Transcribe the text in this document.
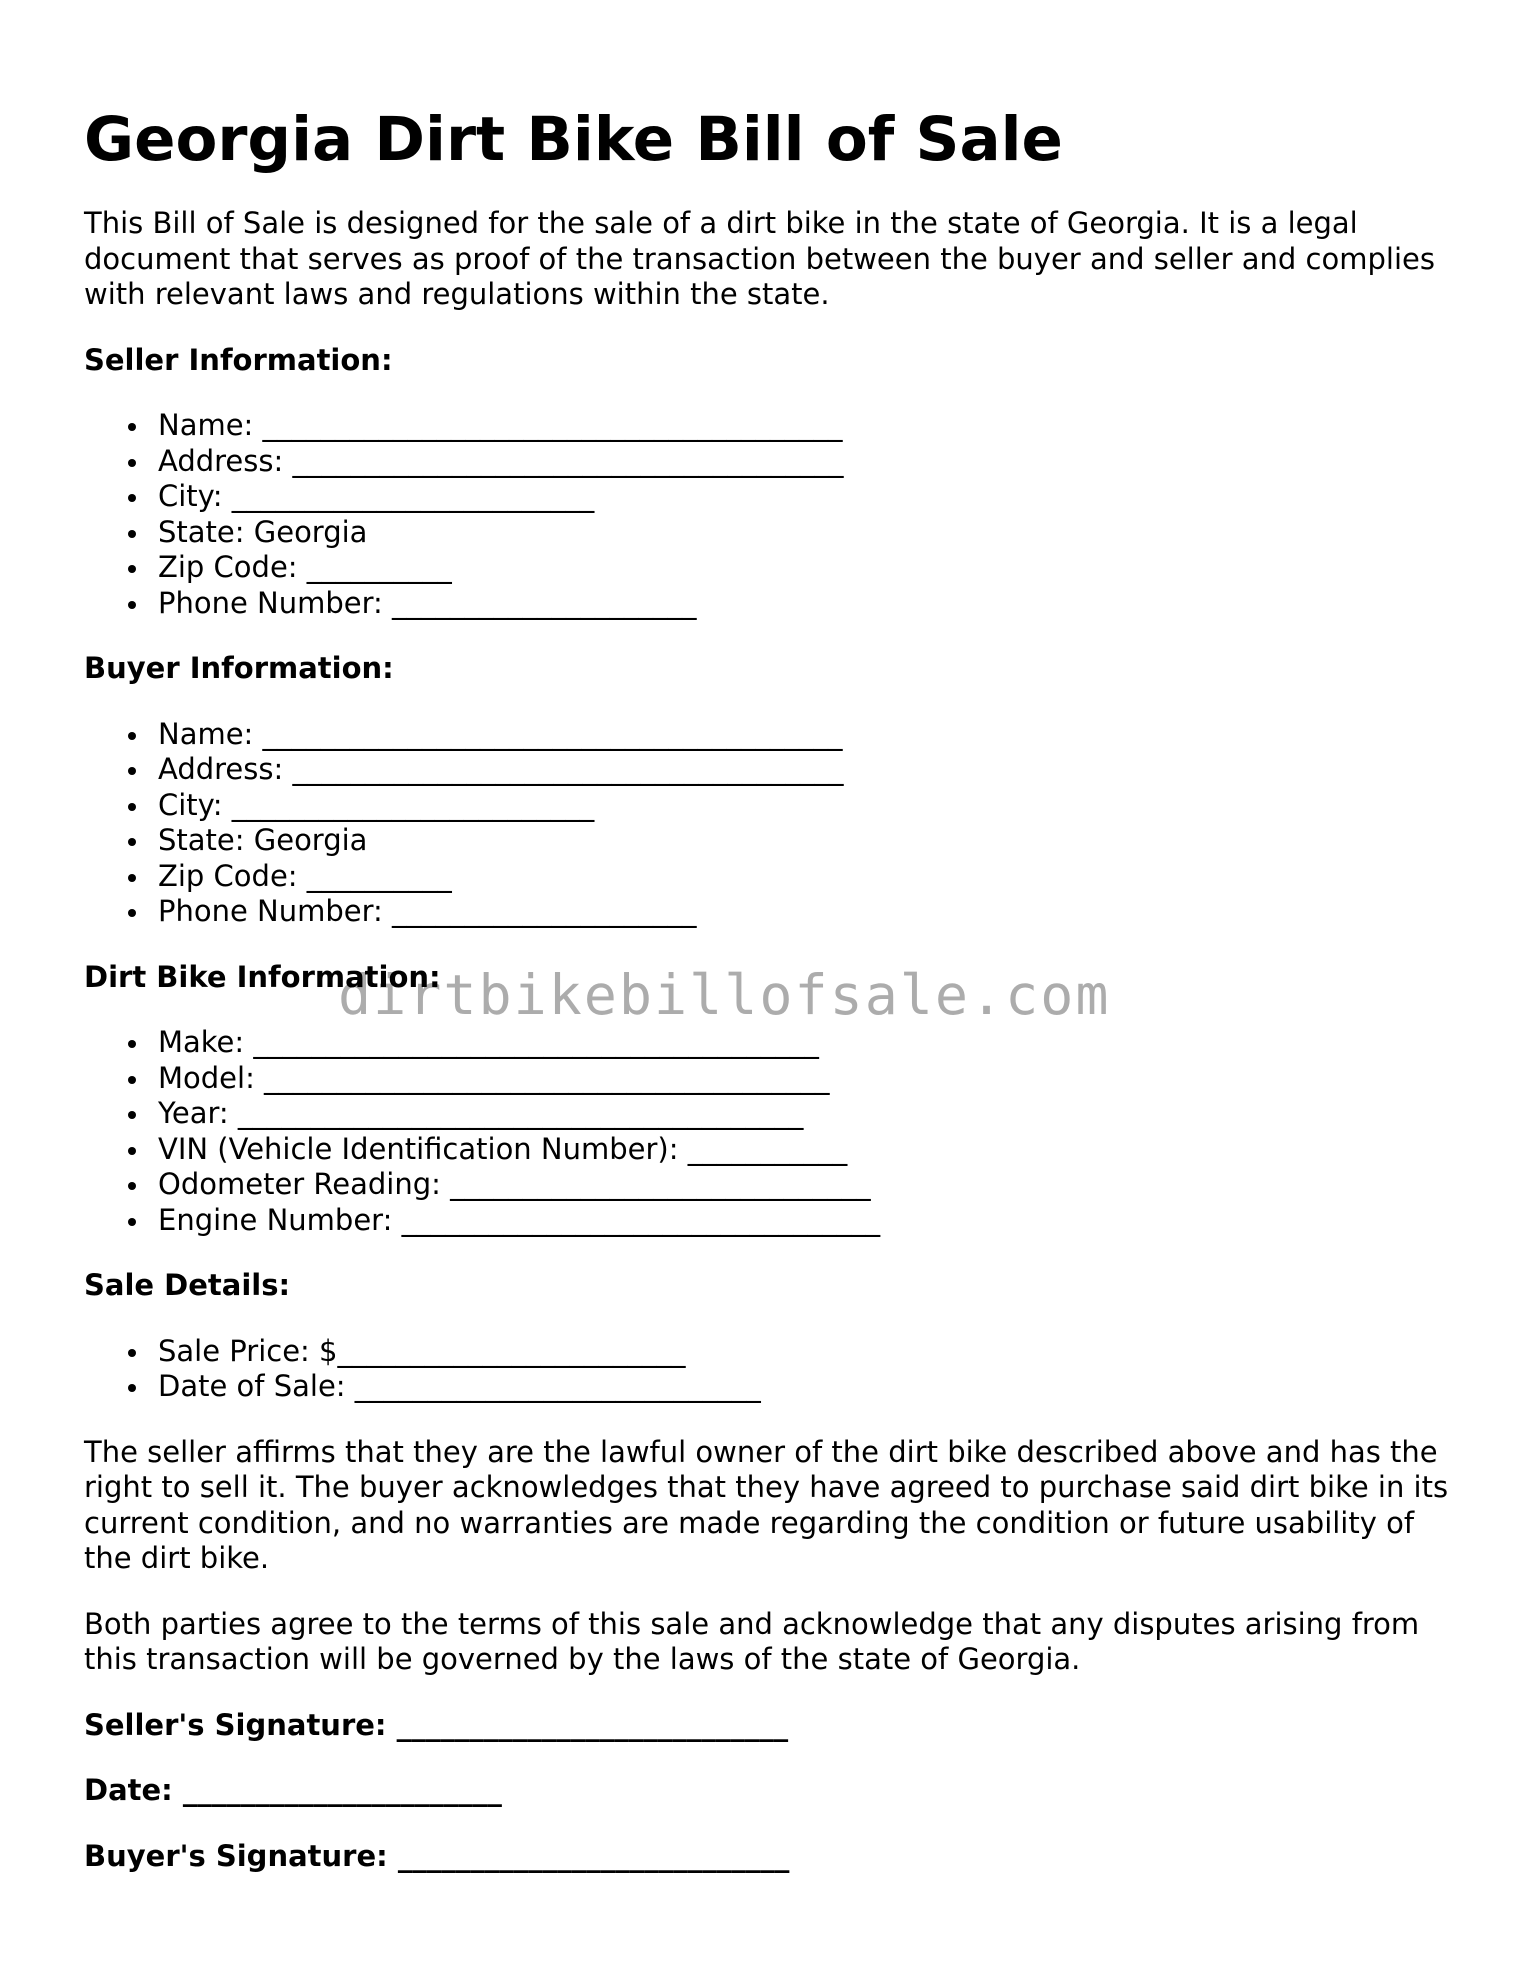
Georgia Dirt Bike Bill of Sale

This Bill of Sale is designed for the sale of a dirt bike in the state of Georgia. It is a legal document that serves as proof of the transaction between the buyer and seller and complies with relevant laws and regulations within the state.

Seller Information:
Name: ________________________________________
Address: ______________________________________
City: _________________________
State: Georgia
Zip Code: __________
Phone Number: _____________________
Buyer Information:
Name: ________________________________________
Address: ______________________________________
City: _________________________
State: Georgia
Zip Code: __________
Phone Number: _____________________
Dirt Bike Information:
Make: _______________________________________
Model: _______________________________________
Year: _______________________________________
VIN (Vehicle Identification Number): ___________
Odometer Reading: _____________________________
Engine Number: _________________________________
Sale Details:
Sale Price: $________________________
Date of Sale: ____________________________

The seller affirms that they are the lawful owner of the dirt bike described above and has the right to sell it. The buyer acknowledges that they have agreed to purchase said dirt bike in its current condition, and no warranties are made regarding the condition or future usability of the dirt bike.

Both parties agree to the terms of this sale and acknowledge that any disputes arising from this transaction will be governed by the laws of the state of Georgia.

Seller's Signature: ___________________________
Date: ______________________
Buyer's Signature: ___________________________
dirtbikebillofsale.com
